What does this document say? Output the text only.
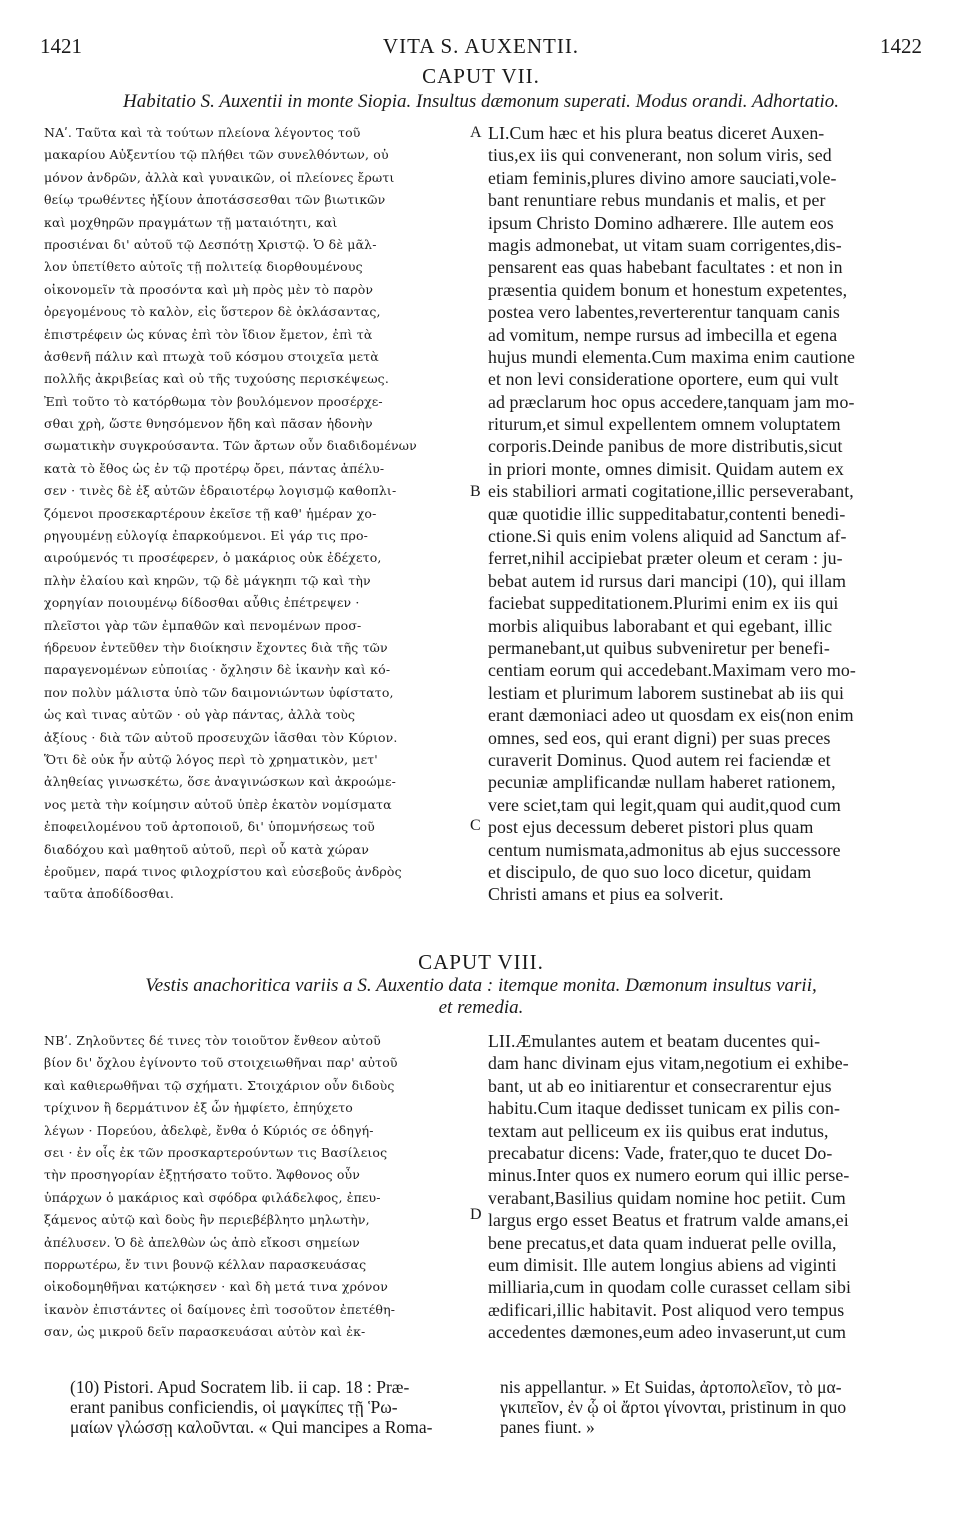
1421	VITA S. AUXENTII.	1422
CAPUT VII.
Habitatio S. Auxentii in monte Siopia. Insultus dæmonum superati. Modus orandi. Adhortatio.
ΝΑʹ. Ταῦτα καὶ τὰ τούτων πλείονα λέγοντος τοῦ
μακαρίου Αὐξεντίου τῷ πλήθει τῶν συνελθόντων, οὐ
μόνον ἀνδρῶν, ἀλλὰ καὶ γυναικῶν, οἱ πλείονες ἔρωτι
θείῳ τρωθέντες ἠξίουν ἀποτάσσεσθαι τῶν βιωτικῶν
καὶ μοχθηρῶν πραγμάτων τῇ ματαιότητι, καὶ
προσιέναι δι' αὐτοῦ τῷ Δεσπότῃ Χριστῷ. Ὁ δὲ μᾶλ-
λον ὑπετίθετο αὐτοῖς τῇ πολιτείᾳ διορθουμένους
οἰκονομεῖν τὰ προσόντα καὶ μὴ πρὸς μὲν τὸ παρὸν
ὀρεγομένους τὸ καλὸν, εἰς ὕστερον δὲ ὀκλάσαντας,
ἐπιστρέφειν ὡς κύνας ἐπὶ τὸν ἴδιον ἔμετον, ἐπὶ τὰ
ἀσθενῆ πάλιν καὶ πτωχὰ τοῦ κόσμου στοιχεῖα μετὰ
πολλῆς ἀκριβείας καὶ οὐ τῆς τυχούσης περισκέψεως.
Ἐπὶ τοῦτο τὸ κατόρθωμα τὸν βουλόμενον προσέρχε-
σθαι χρὴ, ὥστε θνησόμενον ἤδη καὶ πᾶσαν ἡδονὴν
σωματικὴν συγκρούσαντα. Τῶν ἄρτων οὖν διαδιδομένων
κατὰ τὸ ἔθος ὡς ἐν τῷ προτέρῳ ὄρει, πάντας ἀπέλυ-
σεν · τινὲς δὲ ἐξ αὐτῶν ἑδραιοτέρῳ λογισμῷ καθοπλι-
ζόμενοι προσεκαρτέρουν ἐκεῖσε τῇ καθ' ἡμέραν χο-
ρηγουμένῃ εὐλογίᾳ ἐπαρκούμενοι. Εἰ γάρ τις προ-
αιρούμενός τι προσέφερεν, ὁ μακάριος οὐκ ἐδέχετο,
πλὴν ἐλαίου καὶ κηρῶν, τῷ δὲ μάγκηπι τῷ καὶ τὴν
χορηγίαν ποιουμένῳ δίδοσθαι αὖθις ἐπέτρεψεν ·
πλεῖστοι γὰρ τῶν ἐμπαθῶν καὶ πενομένων προσ-
ήδρευον ἐντεῦθεν τὴν διοίκησιν ἔχοντες διὰ τῆς τῶν
παραγενομένων εὐποιίας · ὄχλησιν δὲ ἱκανὴν καὶ κό-
πον πολὺν μάλιστα ὑπὸ τῶν δαιμονιώντων ὑφίστατο,
ὡς καὶ τινας αὐτῶν · οὐ γὰρ πάντας, ἀλλὰ τοὺς
ἀξίους · διὰ τῶν αὐτοῦ προσευχῶν ἰᾶσθαι τὸν Κύριον.
Ὅτι δὲ οὐκ ἦν αὐτῷ λόγος περὶ τὸ χρηματικὸν, μετ'
ἀληθείας γινωσκέτω, ὅσε ἀναγινώσκων καὶ ἀκροώμε-
νος μετὰ τὴν κοίμησιν αὐτοῦ ὑπὲρ ἑκατὸν νομίσματα
ἐποφειλομένου τοῦ ἀρτοποιοῦ, δι' ὑπομνήσεως τοῦ
διαδόχου καὶ μαθητοῦ αὐτοῦ, περὶ οὗ κατὰ χώραν
ἐροῦμεν, παρά τινος φιλοχρίστου καὶ εὐσεβοῦς ἀνδρὸς
ταῦτα ἀποδίδοσθαι.
LI.Cum hæc et his plura beatus diceret Auxen-
tius,ex iis qui convenerant, non solum viris, sed
etiam feminis,plures divino amore sauciati,vole-
bant renuntiare rebus mundanis et malis, et per
ipsum Christo Domino adhærere. Ille autem eos
magis admonebat, ut vitam suam corrigentes,dis-
pensarent eas quas habebant facultates : et non in
præsentia quidem bonum et honestum expetentes,
postea vero labentes,reverterentur tanquam canis
ad vomitum, nempe rursus ad imbecilla et egena
hujus mundi elementa.Cum maxima enim cautione
et non levi consideratione oportere, eum qui vult
ad præclarum hoc opus accedere,tanquam jam mo-
riturum,et simul expellentem omnem voluptatem
corporis.Deinde panibus de more distributis,sicut
in priori monte, omnes dimisit. Quidam autem ex
eis stabiliori armati cogitatione,illic perseverabant,
quæ quotidie illic suppeditabatur,contenti benedi-
ctione.Si quis enim volens aliquid ad Sanctum af-
ferret,nihil accipiebat præter oleum et ceram : ju-
bebat autem id rursus dari mancipi (10), qui illam
faciebat suppeditationem.Plurimi enim ex iis qui
morbis aliquibus laborabant et qui egebant, illic
permanebant,ut quibus subveniretur per benefi-
centiam eorum qui accedebant.Maximam vero mo-
lestiam et plurimum laborem sustinebat ab iis qui
erant dæmoniaci adeo ut quosdam ex eis(non enim
omnes, sed eos, qui erant digni) per suas preces
curaverit Dominus. Quod autem rei faciendæ et
pecuniæ amplificandæ nullam haberet rationem,
vere sciet,tam qui legit,quam qui audit,quod cum
post ejus decessum deberet pistori plus quam
centum numismata,admonitus ab ejus successore
et discipulo, de quo suo loco dicetur, quidam
Christi amans et pius ea solverit.
A
B
C
CAPUT VIII.
Vestis anachoritica variis a S. Auxentio data : itemque monita. Dæmonum insultus varii,
et remedia.
ΝΒʹ. Ζηλοῦντες δέ τινες τὸν τοιοῦτον ἔνθεον αὐτοῦ
βίον δι' ὄχλου ἐγίνοντο τοῦ στοιχειωθῆναι παρ' αὐτοῦ
καὶ καθιερωθῆναι τῷ σχήματι. Στοιχάριον οὖν διδοὺς
τρίχινον ἢ δερμάτινον ἐξ ὧν ἠμφίετο, ἐπηύχετο
λέγων · Πορεύου, ἀδελφὲ, ἔνθα ὁ Κύριός σε ὁδηγή-
σει · ἐν οἷς ἐκ τῶν προσκαρτερούντων τις Βασίλειος
τὴν προσηγορίαν ἐξῃτήσατο τοῦτο. Ἄφθονος οὖν
ὑπάρχων ὁ μακάριος καὶ σφόδρα φιλάδελφος, ἐπευ-
ξάμενος αὐτῷ καὶ δοὺς ἣν περιεβέβλητο μηλωτὴν,
ἀπέλυσεν. Ὁ δὲ ἀπελθὼν ὡς ἀπὸ εἴκοσι σημείων
πορρωτέρω, ἔν τινι βουνῷ κέλλαν παρασκευάσας
οἰκοδομηθῆναι κατῴκησεν · καὶ δὴ μετά τινα χρόνον
ἱκανὸν ἐπιστάντες οἱ δαίμονες ἐπὶ τοσοῦτον ἐπετέθη-
σαν, ὡς μικροῦ δεῖν παρασκευάσαι αὐτὸν καὶ ἐκ-
LII.Æmulantes autem et beatam ducentes qui-
dam hanc divinam ejus vitam,negotium ei exhibe-
bant, ut ab eo initiarentur et consecrarentur ejus
habitu.Cum itaque dedisset tunicam ex pilis con-
textam aut pelliceum ex iis quibus erat indutus,
precabatur dicens: Vade, frater,quo te ducet Do-
minus.Inter quos ex numero eorum qui illic perse-
verabant,Basilius quidam nomine hoc petiit. Cum
largus ergo esset Beatus et fratrum valde amans,ei
bene precatus,et data quam induerat pelle ovilla,
eum dimisit. Ille autem longius abiens ad viginti
milliaria,cum in quodam colle curasset cellam sibi
ædificari,illic habitavit. Post aliquod vero tempus
accedentes dæmones,eum adeo invaserunt,ut cum
D
(10) Pistori. Apud Socratem lib. ii cap. 18 : Præ-
erant panibus conficiendis, οἱ μαγκίπες τῇ Ῥω-
μαίων γλώσσῃ καλοῦνται. « Qui mancipes a Roma-
nis appellantur. » Et Suidas, ἀρτοπολεῖον, τὸ μα-
γκιπεῖον, ἐν ᾧ οἱ ἄρτοι γίνονται, pristinum in quo
panes fiunt. »
